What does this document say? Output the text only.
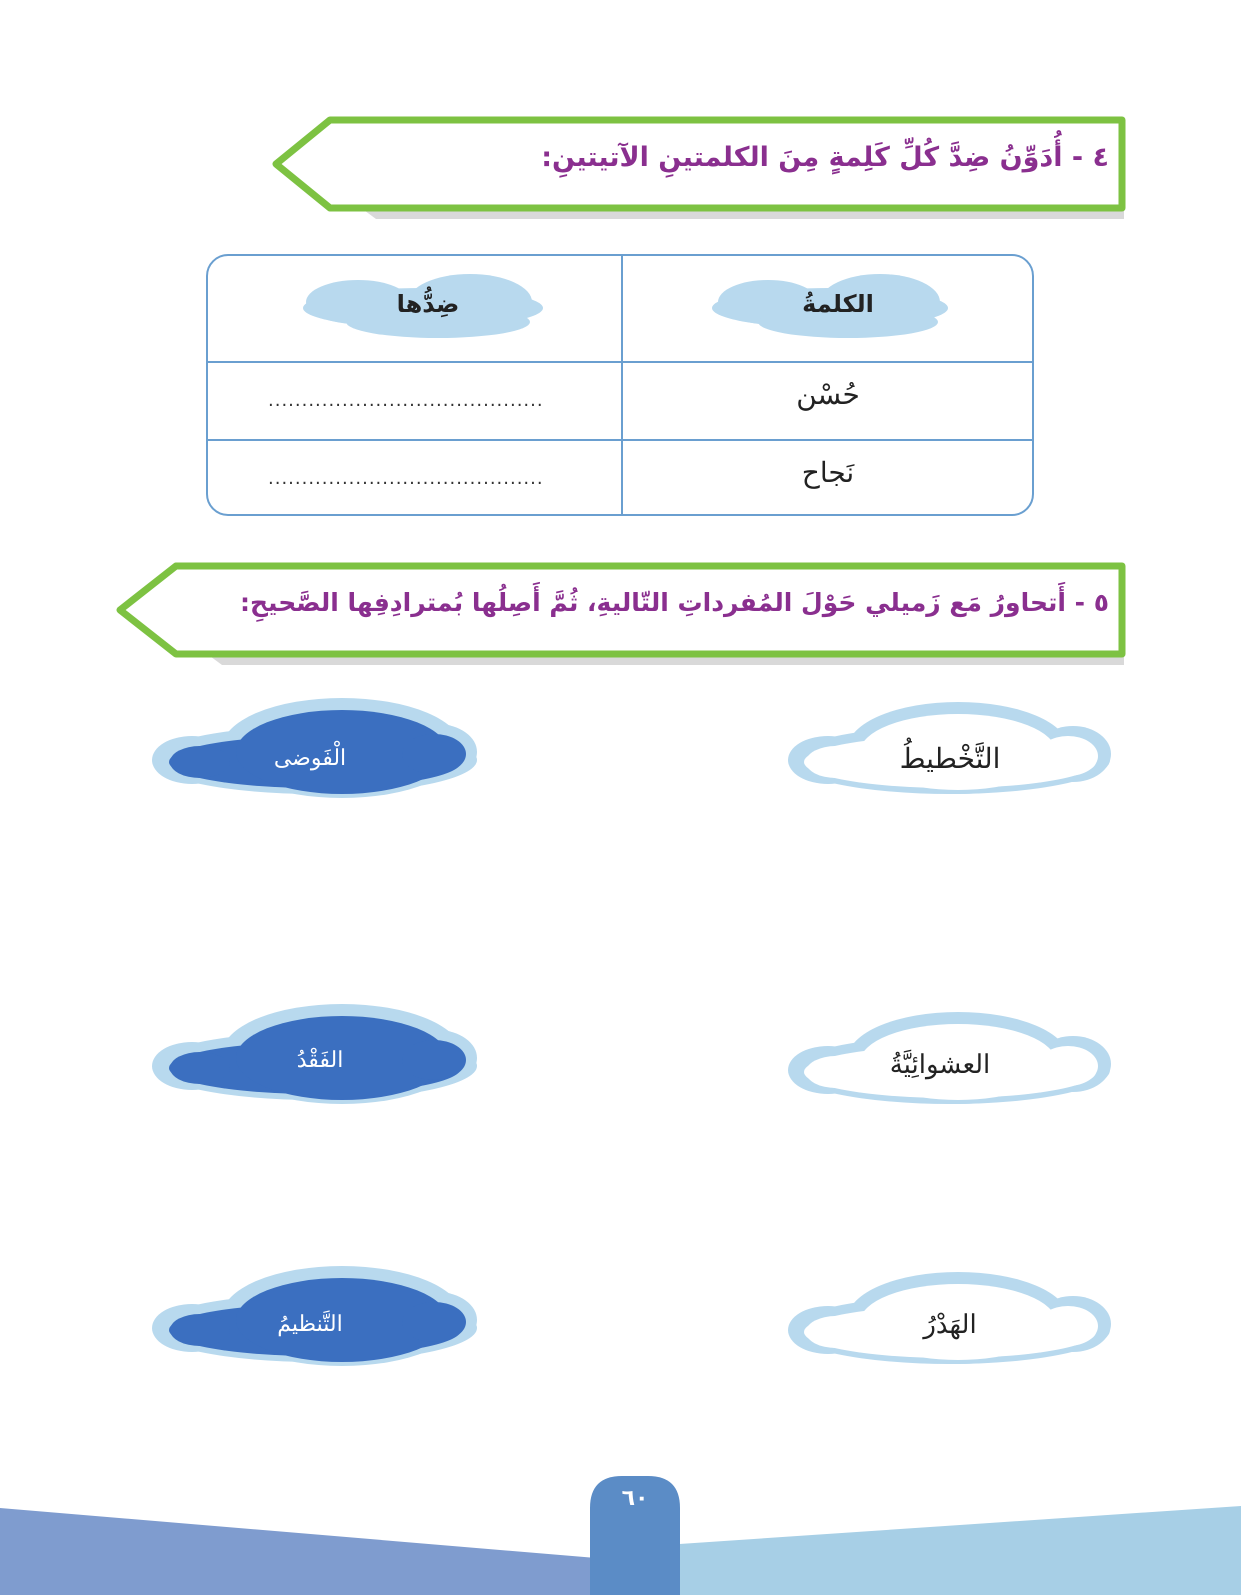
٤ - أُدَوِّنُ ضِدَّ كُلِّ كَلِمةٍ مِنَ الكلمتينِ الآتيتينِ:
الكلمةُ
ضِدُّها
حُسْن
.........................................
نَجاح
.........................................
٥ - أَتحاورُ مَع زَميلي حَوْلَ المُفرداتِ التّاليةِ، ثُمَّ أَصِلُها بُمترادِفِها الصَّحيحِ:
التَّخْطيطُ
العشوائِيَّةُ
الهَدْرُ
الْفَوضى
الفَقْدُ
التَّنظيمُ
٦٠
